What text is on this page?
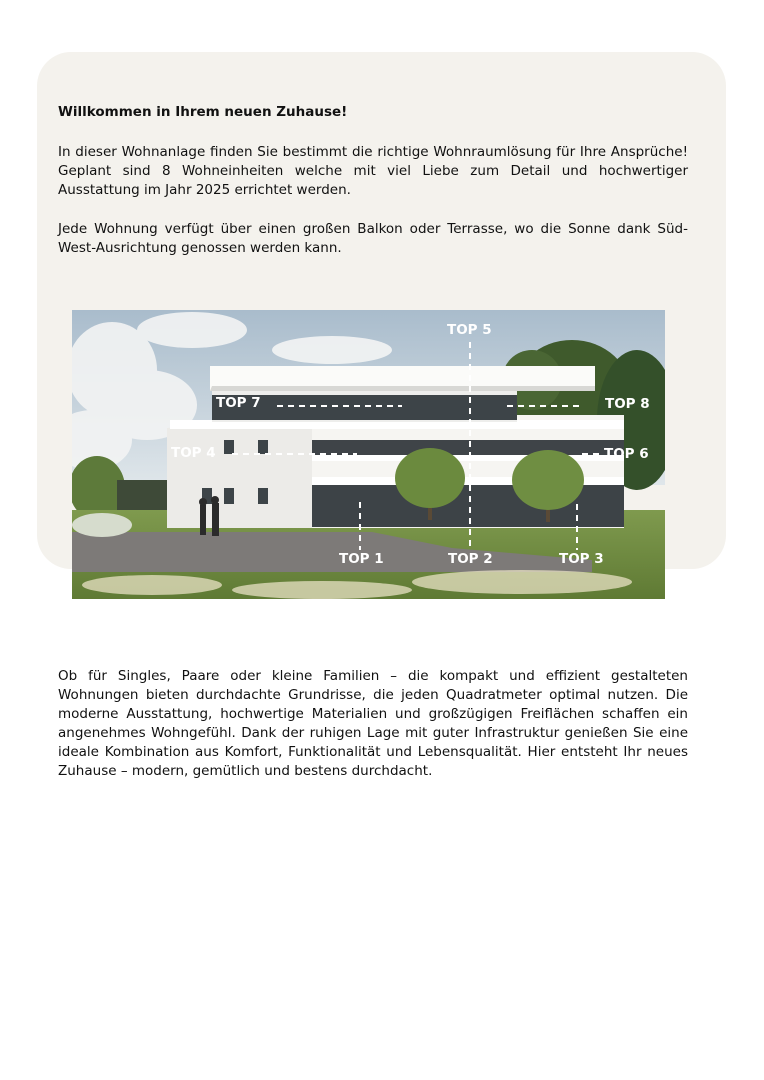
Willkommen in Ihrem neuen Zuhause!

In dieser Wohnanlage finden Sie bestimmt die richtige Wohnraumlösung für Ihre Ansprüche! Geplant sind 8 Wohneinheiten welche mit viel Liebe zum Detail und hochwertiger Ausstattung im Jahr 2025 errichtet werden.

Jede Wohnung verfügt über einen großen Balkon oder Terrasse, wo die Sonne dank Süd-West-Ausrichtung genossen werden kann.

TOP 5
TOP 7	TOP 8
TOP 4	TOP 6
TOP 1	TOP 2	TOP 3

Ob für Singles, Paare oder kleine Familien – die kompakt und effizient gestalteten Wohnungen bieten durchdachte Grundrisse, die jeden Quadratmeter optimal nutzen. Die moderne Ausstattung, hochwertige Materialien und großzügigen Freiflächen schaffen ein angenehmes Wohngefühl. Dank der ruhigen Lage mit guter Infrastruktur genießen Sie eine ideale Kombination aus Komfort, Funktionalität und Lebensqualität. Hier entsteht Ihr neues Zuhause – modern, gemütlich und bestens durchdacht.
